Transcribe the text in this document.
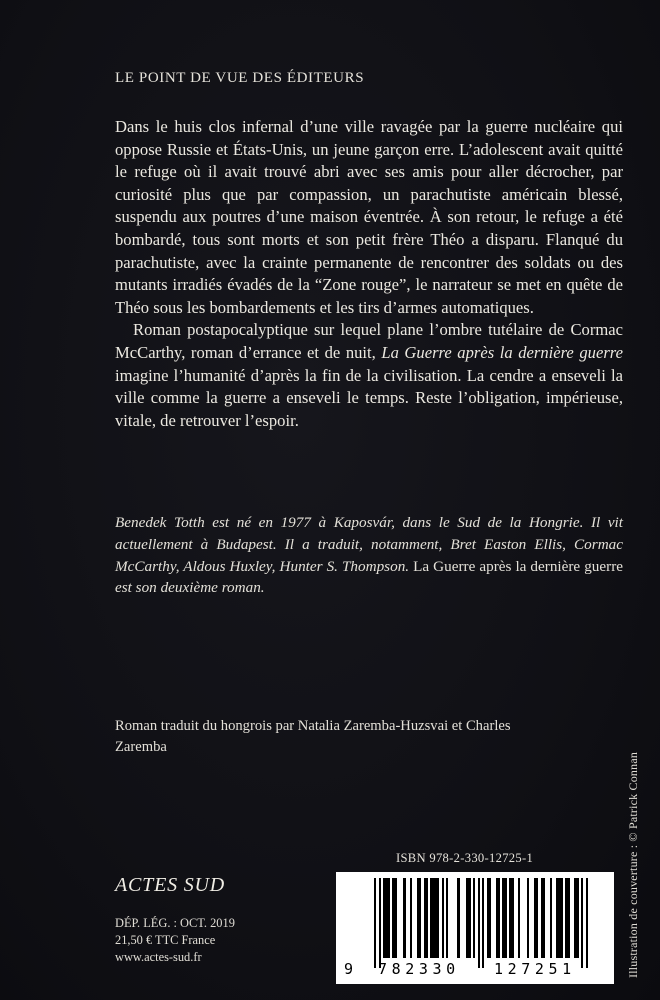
LE POINT DE VUE DES ÉDITEURS

Dans le huis clos infernal d’une ville ravagée par la guerre nucléaire qui oppose Russie et États-Unis, un jeune garçon erre. L’adolescent avait quitté le refuge où il avait trouvé abri avec ses amis pour aller décrocher, par curiosité plus que par compassion, un parachutiste américain blessé, suspendu aux poutres d’une maison éventrée. À son retour, le refuge a été bombardé, tous sont morts et son petit frère Théo a disparu. Flanqué du parachutiste, avec la crainte permanente de rencontrer des soldats ou des mutants irradiés évadés de la “Zone rouge”, le narrateur se met en quête de Théo sous les bombardements et les tirs d’armes automatiques.

Roman postapocalyptique sur lequel plane l’ombre tutélaire de Cormac McCarthy, roman d’errance et de nuit, La Guerre après la dernière guerre imagine l’humanité d’après la fin de la civilisation. La cendre a enseveli la ville comme la guerre a enseveli le temps. Reste l’obligation, impérieuse, vitale, de retrouver l’espoir.

Benedek Totth est né en 1977 à Kaposvár, dans le Sud de la Hongrie. Il vit actuellement à Budapest. Il a traduit, notamment, Bret Easton Ellis, Cormac McCarthy, Aldous Huxley, Hunter S. Thompson. La Guerre après la dernière guerre est son deuxième roman.
Roman traduit du hongrois par Natalia Zaremba-Huzsvai et Charles Zaremba
Illustration de couverture : © Patrick Connan
ISBN 978-2-330-12725-1
ACTES SUD
DÉP. LÉG. : OCT. 2019
21,50 € TTC France
www.actes-sud.fr
9 782330 127251
